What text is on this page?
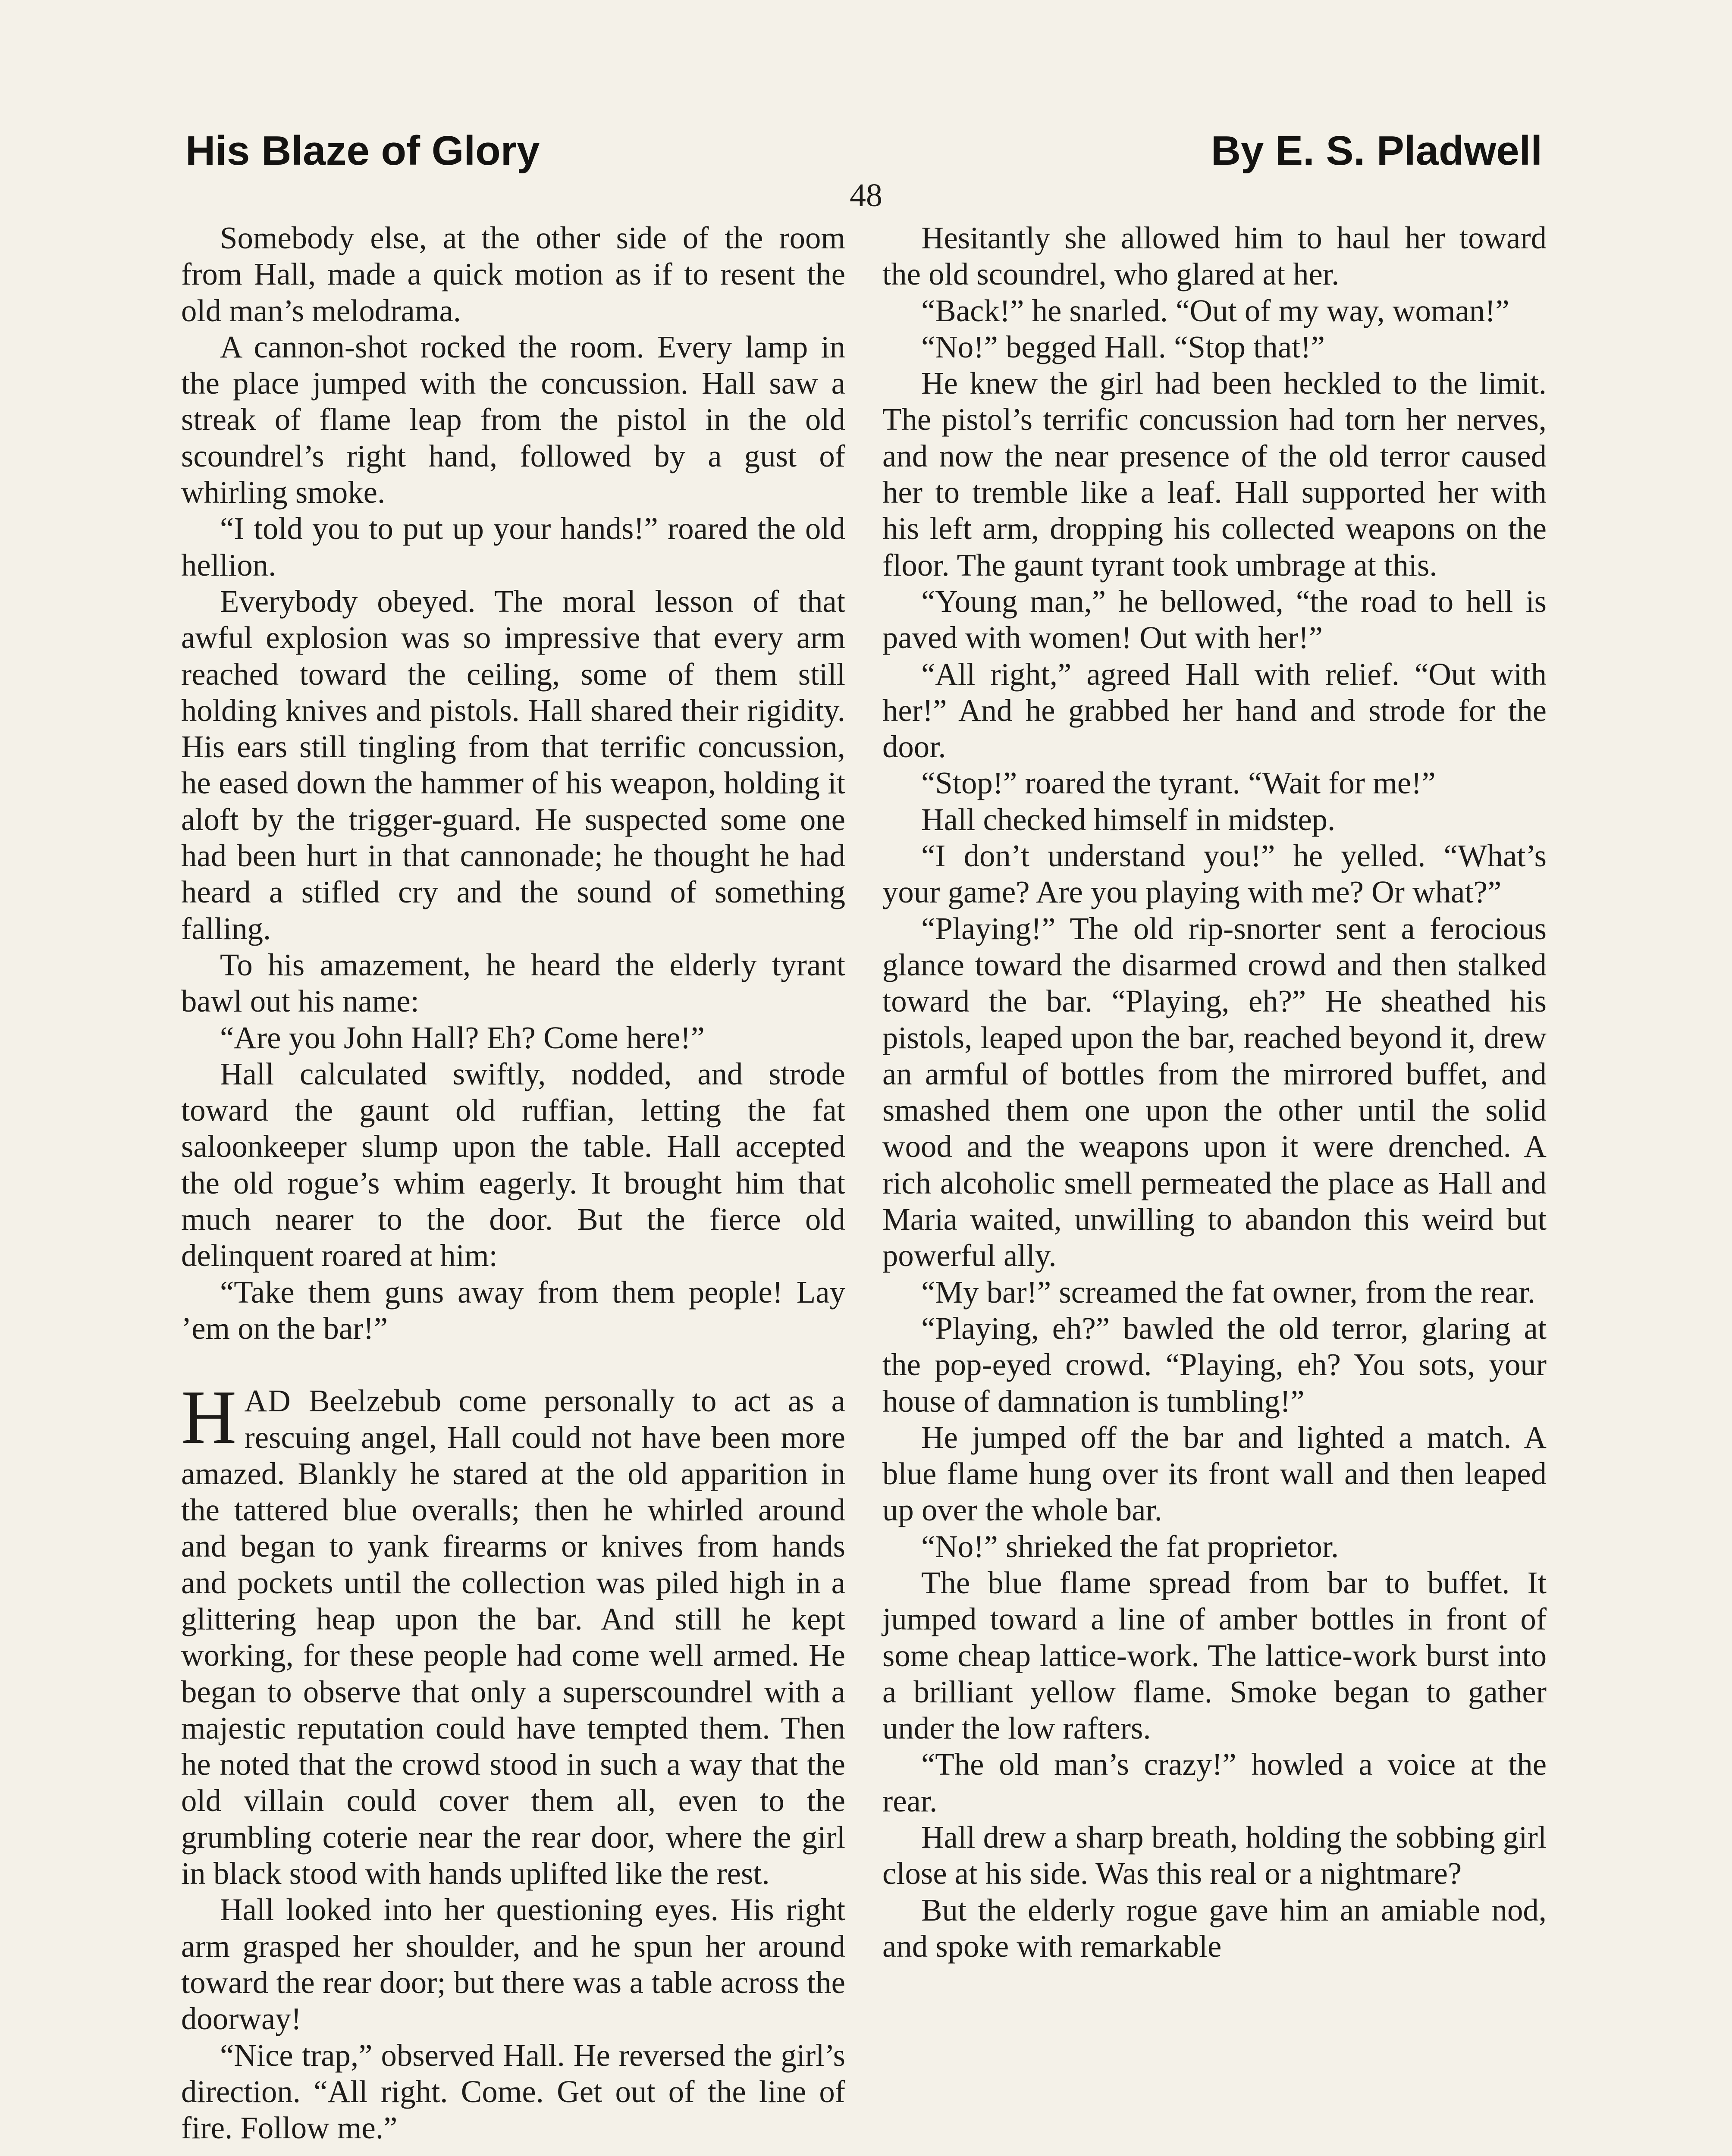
His Blaze of Glory	By E. S. Pladwell
48

Somebody else, at the other side of the room from Hall, made a quick motion as if to resent the old man’s melodrama.

A cannon-shot rocked the room. Every lamp in the place jumped with the concussion. Hall saw a streak of flame leap from the pistol in the old scoundrel’s right hand, followed by a gust of whirling smoke.

“I told you to put up your hands!” roared the old hellion.

Everybody obeyed. The moral lesson of that awful explosion was so impressive that every arm reached toward the ceiling, some of them still holding knives and pistols. Hall shared their rigidity. His ears still tingling from that terrific concussion, he eased down the hammer of his weapon, holding it aloft by the trigger-guard. He suspected some one had been hurt in that cannonade; he thought he had heard a stifled cry and the sound of something falling.

To his amazement, he heard the elderly tyrant bawl out his name:

“Are you John Hall? Eh? Come here!”

Hall calculated swiftly, nodded, and strode toward the gaunt old ruffian, letting the fat saloonkeeper slump upon the table. Hall accepted the old rogue’s whim eagerly. It brought him that much nearer to the door. But the fierce old delinquent roared at him:

“Take them guns away from them people! Lay ’em on the bar!”

HAD Beelzebub come personally to act as a rescuing angel, Hall could not have been more amazed. Blankly he stared at the old apparition in the tattered blue overalls; then he whirled around and began to yank firearms or knives from hands and pockets until the collection was piled high in a glittering heap upon the bar. And still he kept working, for these people had come well armed. He began to observe that only a superscoundrel with a majestic reputation could have tempted them. Then he noted that the crowd stood in such a way that the old villain could cover them all, even to the grumbling coterie near the rear door, where the girl in black stood with hands uplifted like the rest.

Hall looked into her questioning eyes. His right arm grasped her shoulder, and he spun her around toward the rear door; but there was a table across the doorway!

“Nice trap,” observed Hall. He reversed the girl’s direction. “All right. Come. Get out of the line of fire. Follow me.”

Hesitantly she allowed him to haul her toward the old scoundrel, who glared at her.

“Back!” he snarled. “Out of my way, woman!”

“No!” begged Hall. “Stop that!”

He knew the girl had been heckled to the limit. The pistol’s terrific concussion had torn her nerves, and now the near presence of the old terror caused her to tremble like a leaf. Hall supported her with his left arm, dropping his collected weapons on the floor. The gaunt tyrant took umbrage at this.

“Young man,” he bellowed, “the road to hell is paved with women! Out with her!”

“All right,” agreed Hall with relief. “Out with her!” And he grabbed her hand and strode for the door.

“Stop!” roared the tyrant. “Wait for me!”

Hall checked himself in midstep.

“I don’t understand you!” he yelled. “What’s your game? Are you playing with me? Or what?”

“Playing!” The old rip-snorter sent a ferocious glance toward the disarmed crowd and then stalked toward the bar. “Playing, eh?” He sheathed his pistols, leaped upon the bar, reached beyond it, drew an armful of bottles from the mirrored buffet, and smashed them one upon the other until the solid wood and the weapons upon it were drenched. A rich alcoholic smell permeated the place as Hall and Maria waited, unwilling to abandon this weird but powerful ally.

“My bar!” screamed the fat owner, from the rear.

“Playing, eh?” bawled the old terror, glaring at the pop-eyed crowd. “Playing, eh? You sots, your house of damnation is tumbling!”

He jumped off the bar and lighted a match. A blue flame hung over its front wall and then leaped up over the whole bar.

“No!” shrieked the fat proprietor.

The blue flame spread from bar to buffet. It jumped toward a line of amber bottles in front of some cheap lattice-work. The lattice-work burst into a brilliant yellow flame. Smoke began to gather under the low rafters.

“The old man’s crazy!” howled a voice at the rear.

Hall drew a sharp breath, holding the sobbing girl close at his side. Was this real or a nightmare?

But the elderly rogue gave him an amiable nod, and spoke with remarkable
